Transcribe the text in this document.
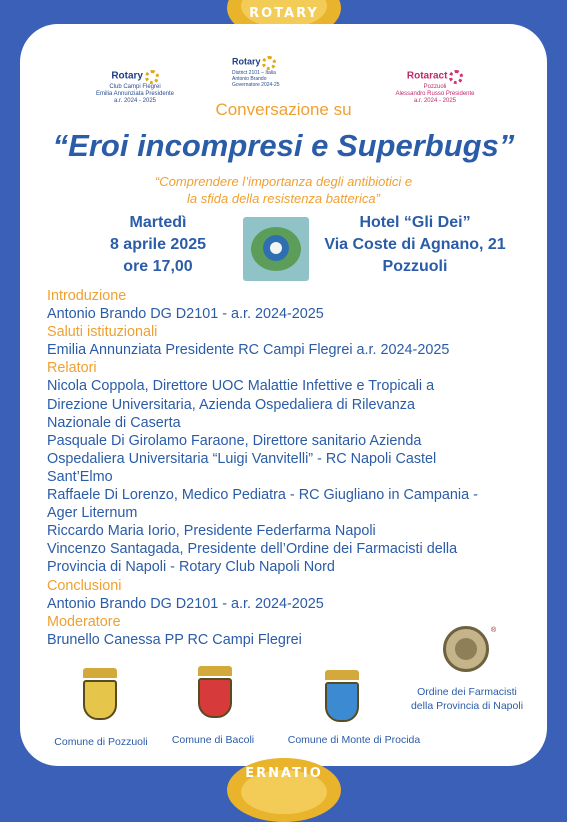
ROTARY
Rotary
Club Campi Flegrei
Emilia Annunziata Presidente
a.r. 2024 - 2025
Rotary
District 2101 – Italia
Antonio Brando
Governatore 2024-25
Rotaract
Pozzuoli
Alessandro Russo Presidente
a.r. 2024 - 2025
Conversazione su
“Eroi incompresi e Superbugs”
“Comprendere l’importanza degli antibiotici e
la sfida della resistenza batterica”
Martedì
8 aprile 2025
ore 17,00
Hotel “Gli Dei”
Via Coste di Agnano, 21
Pozzuoli
Introduzione
Antonio Brando DG D2101 - a.r. 2024-2025
Saluti istituzionali
Emilia Annunziata Presidente RC Campi Flegrei a.r. 2024-2025
Relatori
Nicola Coppola, Direttore UOC Malattie Infettive e Tropicali a
Direzione Universitaria, Azienda Ospedaliera di Rilevanza
Nazionale di Caserta
Pasquale Di Girolamo Faraone, Direttore sanitario Azienda
Ospedaliera Universitaria “Luigi Vanvitelli” - RC Napoli Castel
Sant’Elmo
Raffaele Di Lorenzo, Medico Pediatra - RC Giugliano in Campania -
Ager Liternum
Riccardo Maria Iorio, Presidente Federfarma Napoli
Vincenzo Santagada, Presidente dell’Ordine dei Farmacisti della
Provincia di Napoli - Rotary Club Napoli Nord
Conclusioni
Antonio Brando DG D2101 - a.r. 2024-2025
Moderatore
Brunello Canessa PP RC Campi Flegrei
®
Comune di Pozzuoli	Comune di Bacoli	Comune di Monte di Procida
Ordine dei Farmacisti
della Provincia di Napoli
ERNATIO
